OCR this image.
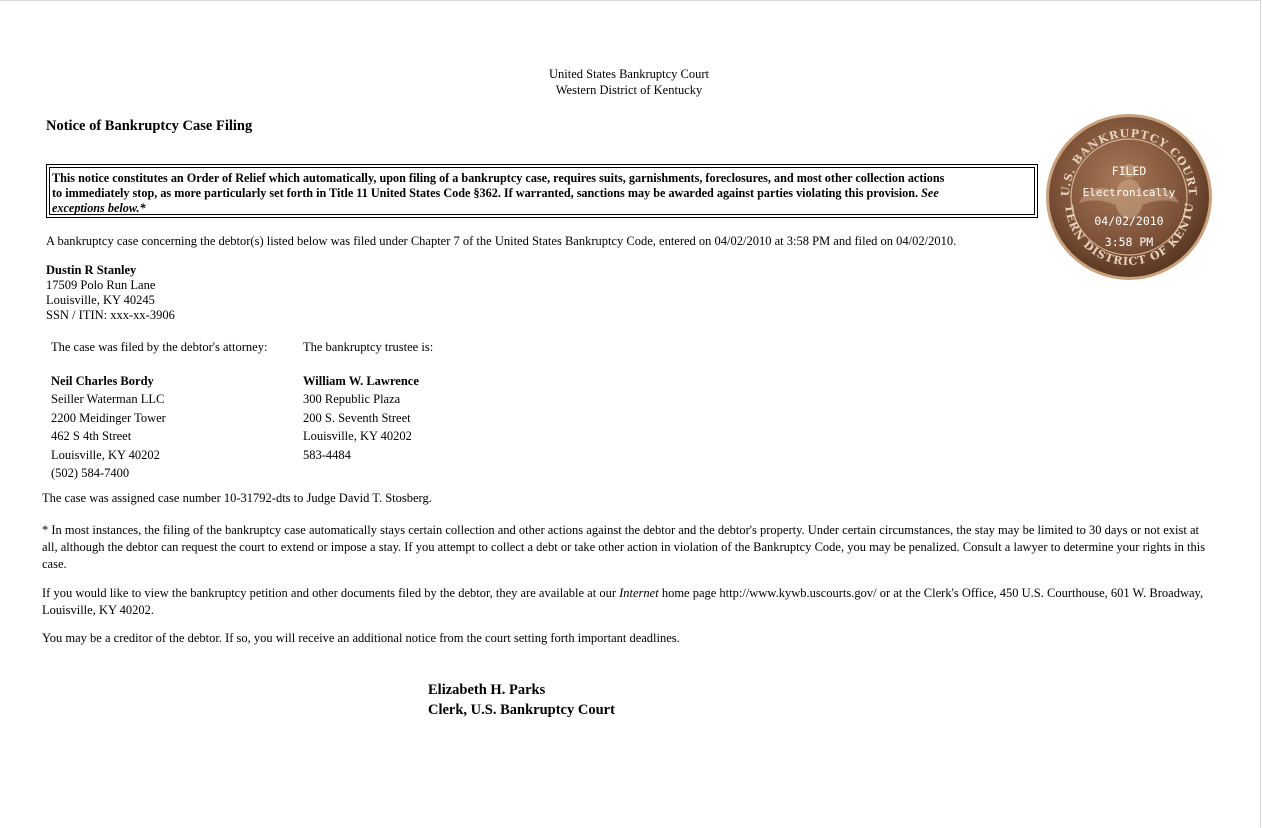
United States Bankruptcy Court
Western District of Kentucky
Notice of Bankruptcy Case Filing
This notice constitutes an Order of Relief which automatically, upon filing of a bankruptcy case, requires suits, garnishments, foreclosures, and most other collection actions
to immediately stop, as more particularly set forth in Title 11 United States Code §362. If warranted, sanctions may be awarded against parties violating this provision. See
exceptions below.*
U.S. BANKRUPTCY COURT
TERN DISTRICT OF KENTU
FILED
Electronically
04/02/2010
3:58 PM
A bankruptcy case concerning the debtor(s) listed below was filed under Chapter 7 of the United States Bankruptcy Code, entered on 04/02/2010 at 3:58 PM and filed on 04/02/2010.
Dustin R Stanley
17509 Polo Run Lane
Louisville, KY 40245
SSN / ITIN: xxx-xx-3906
The case was filed by the debtor's attorney:
Neil Charles Bordy
Seiller Waterman LLC
2200 Meidinger Tower
462 S 4th Street
Louisville, KY 40202
(502) 584-7400
The bankruptcy trustee is:
William W. Lawrence
300 Republic Plaza
200 S. Seventh Street
Louisville, KY 40202
583-4484
The case was assigned case number 10-31792-dts to Judge David T. Stosberg.
* In most instances, the filing of the bankruptcy case automatically stays certain collection and other actions against the debtor and the debtor's property. Under certain circumstances, the stay may be limited to 30 days or not exist at all, although the debtor can request the court to extend or impose a stay. If you attempt to collect a debt or take other action in violation of the Bankruptcy Code, you may be penalized. Consult a lawyer to determine your rights in this case.
If you would like to view the bankruptcy petition and other documents filed by the debtor, they are available at our Internet home page http://www.kywb.uscourts.gov/ or at the Clerk's Office, 450 U.S. Courthouse, 601 W. Broadway, Louisville, KY 40202.
You may be a creditor of the debtor. If so, you will receive an additional notice from the court setting forth important deadlines.
Elizabeth H. Parks
Clerk, U.S. Bankruptcy Court
